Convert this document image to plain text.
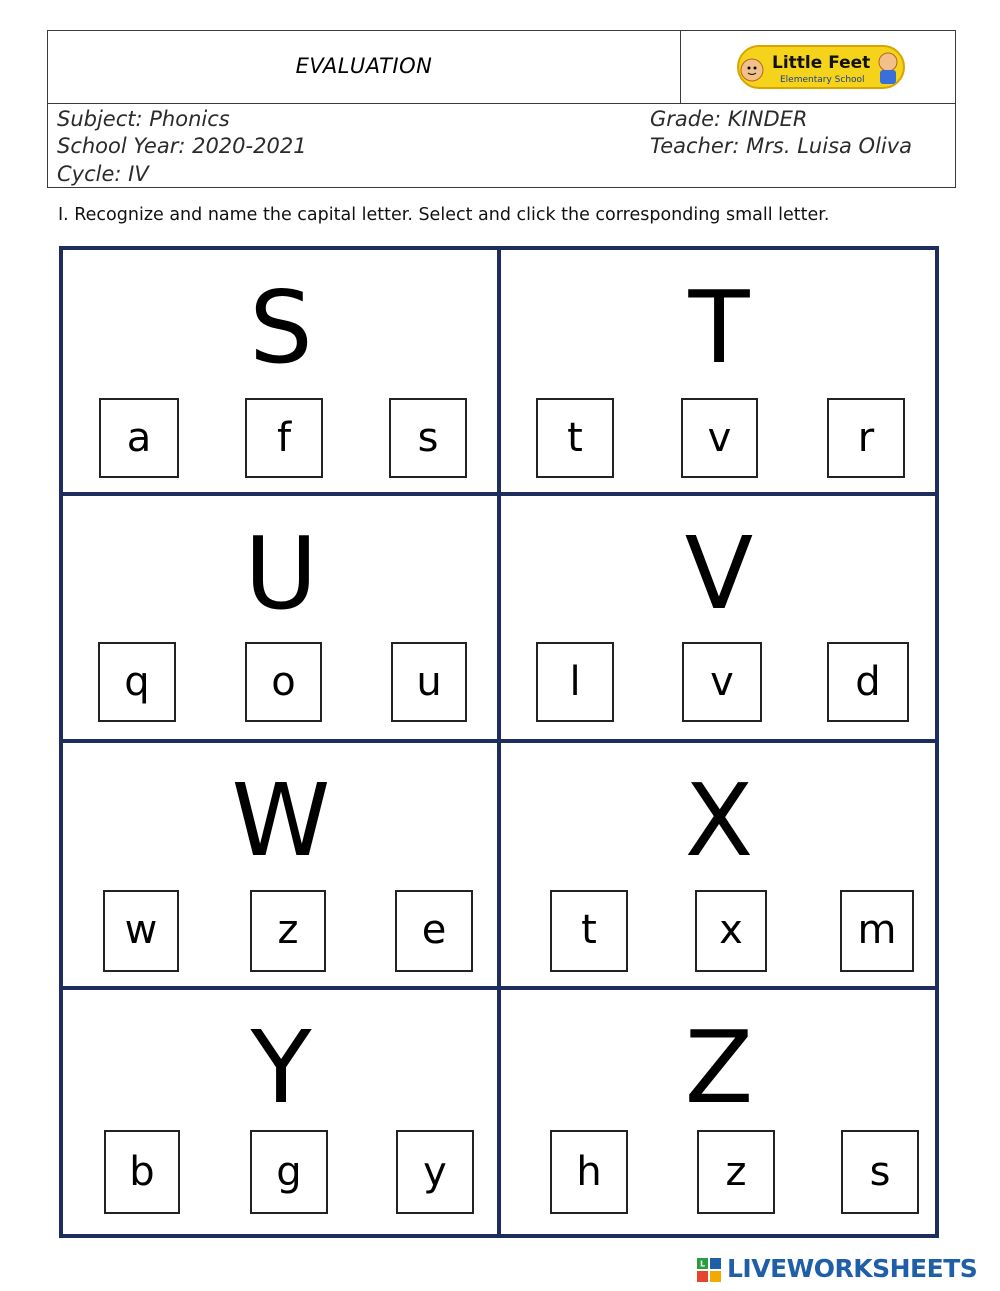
EVALUATION	Little Feet
Elementary School
Subject: Phonics
School Year: 2020-2021
Cycle: IV
Grade: KINDER
Teacher: Mrs. Luisa Oliva
I. Recognize and name the capital letter. Select and click the corresponding small letter.
S
a	f	s
T
t	v	r
U
q	o	u
V
l	v	d
W
w	z	e
X
t	x	m
Y
b	g	y
Z
h	z	s
L LIVEWORKSHEETS
